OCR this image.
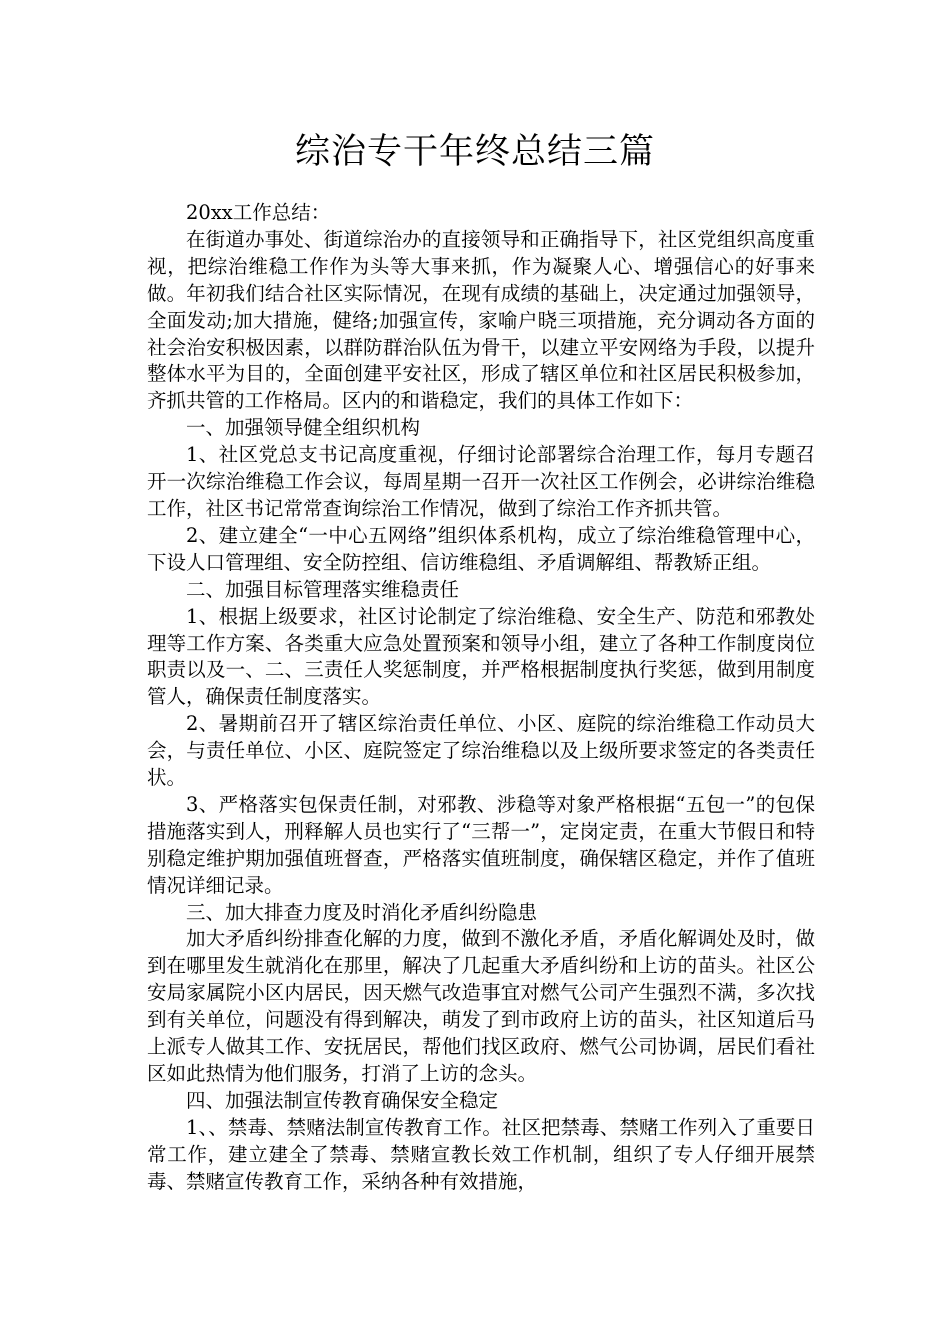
综治专干年终总结三篇

20xx工作总结：

在街道办事处、街道综治办的直接领导和正确指导下，社区党组织高度重视，把综治维稳工作作为头等大事来抓，作为凝聚人心、增强信心的好事来做。年初我们结合社区实际情况，在现有成绩的基础上，决定通过加强领导，全面发动;加大措施，健络;加强宣传，家喻户晓三项措施，充分调动各方面的社会治安积极因素，以群防群治队伍为骨干，以建立平安网络为手段，以提升整体水平为目的，全面创建平安社区，形成了辖区单位和社区居民积极参加，齐抓共管的工作格局。区内的和谐稳定，我们的具体工作如下：

一、加强领导健全组织机构

1、社区党总支书记高度重视，仔细讨论部署综合治理工作，每月专题召开一次综治维稳工作会议，每周星期一召开一次社区工作例会，必讲综治维稳工作，社区书记常常查询综治工作情况，做到了综治工作齐抓共管。

2、建立建全“一中心五网络”组织体系机构，成立了综治维稳管理中心，下设人口管理组、安全防控组、信访维稳组、矛盾调解组、帮教矫正组。

二、加强目标管理落实维稳责任

1、根据上级要求，社区讨论制定了综治维稳、安全生产、防范和邪教处理等工作方案、各类重大应急处置预案和领导小组，建立了各种工作制度岗位职责以及一、二、三责任人奖惩制度，并严格根据制度执行奖惩，做到用制度管人，确保责任制度落实。

2、暑期前召开了辖区综治责任单位、小区、庭院的综治维稳工作动员大会，与责任单位、小区、庭院签定了综治维稳以及上级所要求签定的各类责任状。

3、严格落实包保责任制，对邪教、涉稳等对象严格根据“五包一”的包保措施落实到人，刑释解人员也实行了“三帮一”，定岗定责，在重大节假日和特别稳定维护期加强值班督查，严格落实值班制度，确保辖区稳定，并作了值班情况详细记录。

三、加大排查力度及时消化矛盾纠纷隐患

加大矛盾纠纷排查化解的力度，做到不激化矛盾，矛盾化解调处及时，做到在哪里发生就消化在那里，解决了几起重大矛盾纠纷和上访的苗头。社区公安局家属院小区内居民，因天燃气改造事宜对燃气公司产生强烈不满，多次找到有关单位，问题没有得到解决，萌发了到市政府上访的苗头，社区知道后马上派专人做其工作、安抚居民，帮他们找区政府、燃气公司协调，居民们看社区如此热情为他们服务，打消了上访的念头。

四、加强法制宣传教育确保安全稳定

1、、禁毒、禁赌法制宣传教育工作。社区把禁毒、禁赌工作列入了重要日常工作，建立建全了禁毒、禁赌宣教长效工作机制，组织了专人仔细开展禁毒、禁赌宣传教育工作，采纳各种有效措施，
